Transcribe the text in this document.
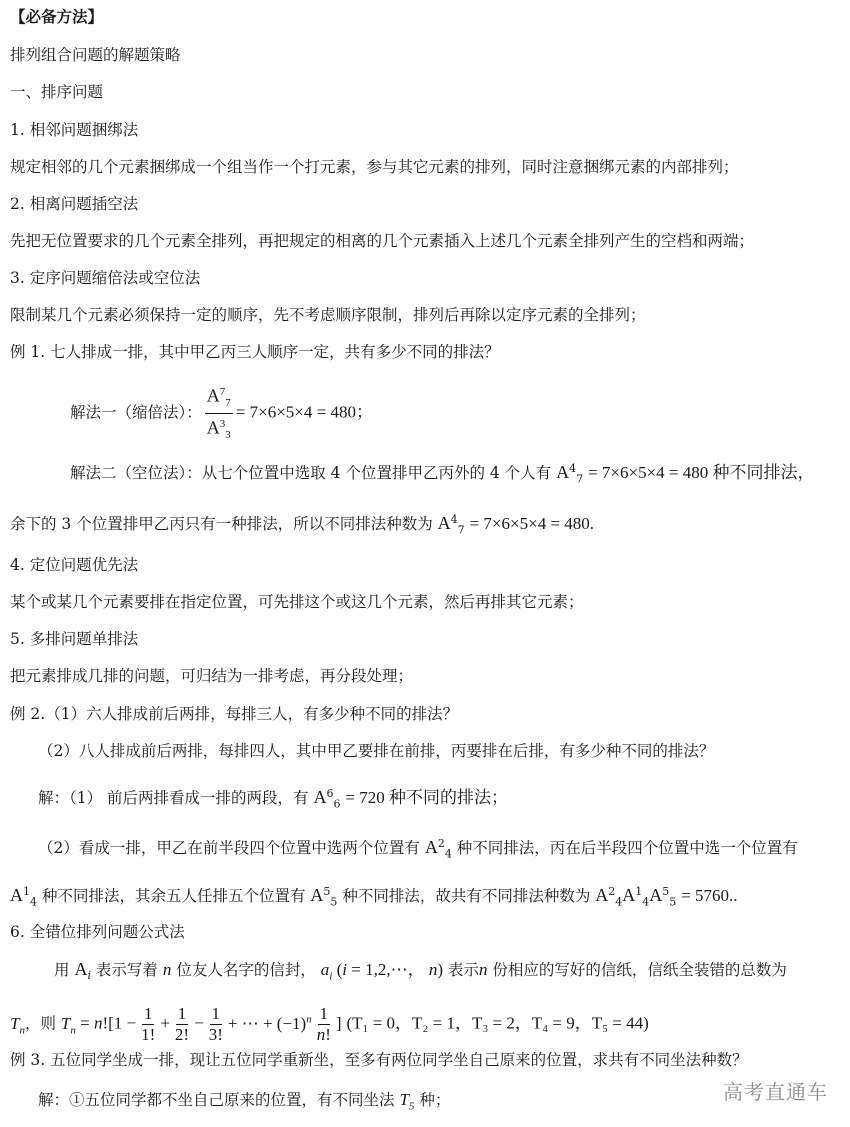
【必备方法】
排列组合问题的解题策略
一、排序问题
1. 相邻问题捆绑法
规定相邻的几个元素捆绑成一个组当作一个打元素，参与其它元素的排列，同时注意捆绑元素的内部排列；
2. 相离问题插空法
先把无位置要求的几个元素全排列，再把规定的相离的几个元素插入上述几个元素全排列产生的空档和两端；
3. 定序问题缩倍法或空位法
限制某几个元素必须保持一定的顺序，先不考虑顺序限制，排列后再除以定序元素的全排列；
例 1. 七人排成一排，其中甲乙丙三人顺序一定，共有多少不同的排法？
解法一（缩倍法）： $\frac{A^7_7}{A^3_3} = 7\times 6\times 5\times 4 = 480$；
解法二（空位法）：从七个位置中选取 4 个位置排甲乙丙外的 4 个人有 $A^4_7 = 7\times 6\times 5\times 4 = 480$ 种不同排法，
余下的 3 个位置排甲乙丙只有一种排法，所以不同排法种数为 $A^4_7 = 7\times 6\times 5\times 4 = 480$.
4. 定位问题优先法
某个或某几个元素要排在指定位置，可先排这个或这几个元素，然后再排其它元素；
5. 多排问题单排法
把元素排成几排的问题，可归结为一排考虑，再分段处理；
例 2.（1）六人排成前后两排，每排三人，有多少种不同的排法？
（2）八人排成前后两排，每排四人，其中甲乙要排在前排，丙要排在后排，有多少种不同的排法？
解：（1） 前后两排看成一排的两段，有 $A^6_6 = 720$ 种不同的排法；
（2）看成一排，甲乙在前半段四个位置中选两个位置有 $A^2_4$ 种不同排法，丙在后半段四个位置中选一个位置有
$A^1_4$ 种不同排法，其余五人任排五个位置有 $A^5_5$ 种不同排法，故共有不同排法种数为 $A^2_4A^1_4A^5_5 = 5760$..
6. 全错位排列问题公式法
用 $A_i$ 表示写着 n 位友人名字的信封， $a_i$ (i = 1,2,⋯， n) 表示n 份相应的写好的信纸，信纸全装错的总数为
$T_n$，则 $T_n = n![1 - \frac{1}{1!} + \frac{1}{2!} - \frac{1}{3!}$ + ⋯ + $(-1)^n \frac{1}{n!}$ ] (T₁ = 0，T₂ = 1，T₃ = 2，T₄ = 9，T₅ = 44)
例 3. 五位同学坐成一排，现让五位同学重新坐，至多有两位同学坐自己原来的位置，求共有不同坐法种数？
解：①五位同学都不坐自己原来的位置，有不同坐法 $T_5$ 种；	高考直通车
